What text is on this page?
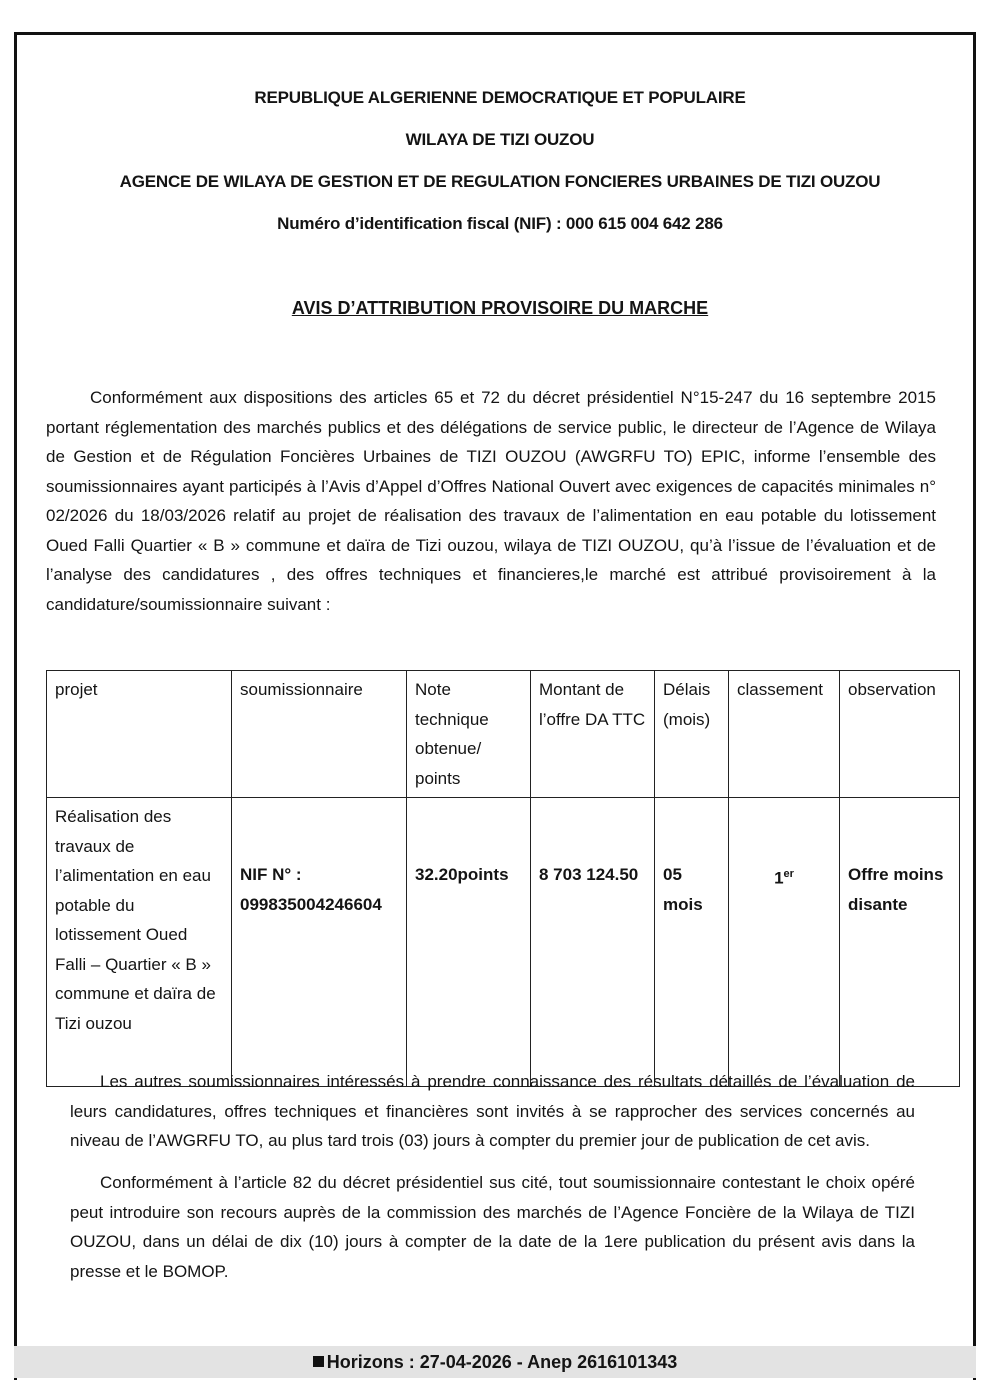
REPUBLIQUE ALGERIENNE DEMOCRATIQUE ET POPULAIRE
WILAYA DE TIZI OUZOU
AGENCE DE WILAYA DE GESTION ET DE REGULATION FONCIERES URBAINES DE TIZI OUZOU
Numéro d’identification fiscal (NIF) : 000 615 004 642 286
AVIS D’ATTRIBUTION PROVISOIRE DU MARCHE
Conformément aux dispositions des articles 65 et 72 du décret présidentiel N°15-247 du 16 septembre 2015 portant réglementation des marchés publics et des délégations de service public, le directeur de l’Agence de Wilaya de Gestion et de Régulation Foncières Urbaines de TIZI OUZOU (AWGRFU TO) EPIC, informe l’ensemble des soumissionnaires ayant participés à l’Avis d’Appel d’Offres National Ouvert avec exigences de capacités minimales n° 02/2026 du 18/03/2026 relatif au projet de réalisation des travaux de l’alimentation en eau potable du lotissement Oued Falli Quartier « B » commune et daïra de Tizi ouzou, wilaya de TIZI OUZOU, qu’à l’issue de l’évaluation et de l’analyse des candidatures , des offres techniques et financieres,le marché est attribué provisoirement à la candidature/soumissionnaire suivant :
projet	soumissionnaire	Note technique obtenue/ points	Montant de l’offre DA TTC	Délais (mois)	classement	observation
Réalisation des travaux de l’alimentation en eau potable du lotissement Oued Falli – Quartier « B » commune et daïra de Tizi ouzou	NIF N° : 099835004246604	32.20points	8 703 124.50	05 mois	1er	Offre moins disante
Les autres soumissionnaires intéressés à prendre connaissance des résultats détaillés de l’évaluation de leurs candidatures, offres techniques et financières sont invités à se rapprocher des services concernés au niveau de l’AWGRFU TO, au plus tard trois (03) jours à compter du premier jour de publication de cet avis.
Conformément à l’article 82 du décret présidentiel sus cité, tout soumissionnaire contestant le choix opéré peut introduire son recours auprès de la commission des marchés de l’Agence Foncière de la Wilaya de TIZI OUZOU, dans un délai de dix (10) jours à compter de la date de la 1ere publication du présent avis dans la presse et le BOMOP.
Horizons : 27-04-2026 - Anep 2616101343
